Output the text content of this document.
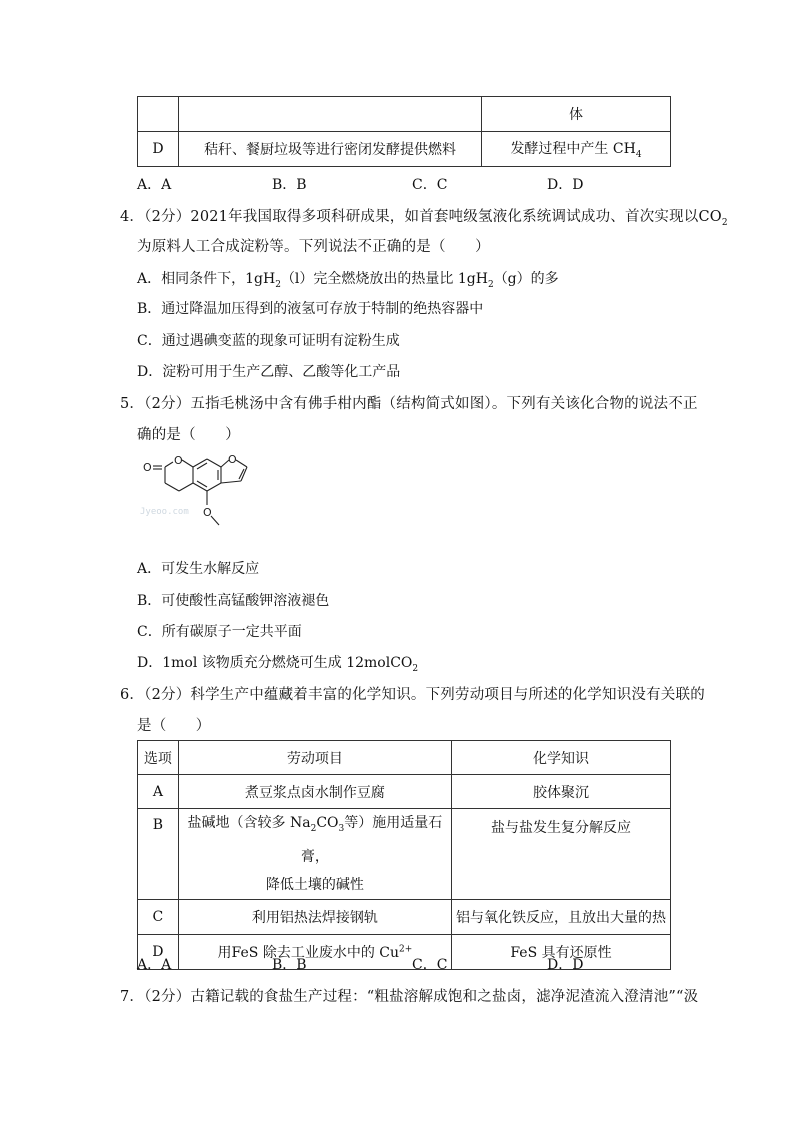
		体
D	秸秆、餐厨垃圾等进行密闭发酵提供燃料	发酵过程中产生 $CH_4$
A．A	B．B	C．C	D．D
4．（2分）2021年我国取得多项科研成果，如首套吨级氢液化系统调试成功、首次实现以$CO_2$
为原料人工合成淀粉等。下列说法不正确的是（　　）
A．相同条件下，$1gH_2(l)$完全燃烧放出的热量比 $1gH_2(g)$的多
B．通过降温加压得到的液氢可存放于特制的绝热容器中
C．通过遇碘变蓝的现象可证明有淀粉生成
D．淀粉可用于生产乙醇、乙酸等化工产品
5．（2分）五指毛桃汤中含有佛手柑内酯（结构简式如图）。下列有关该化合物的说法不正
确的是（　　）
Jyeoo.com
O
O	O
O
A．可发生水解反应
B．可使酸性高锰酸钾溶液褪色
C．所有碳原子一定共平面
D．1mol 该物质充分燃烧可生成 12molCO$_2$
6．（2分）科学生产中蕴藏着丰富的化学知识。下列劳动项目与所述的化学知识没有关联的
是（　　）
选项	劳动项目	化学知识
A	煮豆浆点卤水制作豆腐	胶体聚沉
B	盐碱地（含较多 $Na_2CO_3$等）施用适量石膏，
降低土壤的碱性	盐与盐发生复分解反应
C	利用铝热法焊接钢轨	铝与氧化铁反应，且放出大量的热
D	用FeS 除去工业废水中的 $Cu^{2+}$	FeS 具有还原性
A．A	B．B	C．C	D．D
7．（2分）古籍记载的食盐生产过程：“粗盐溶解成饱和之盐卤，滤净泥渣流入澄清池”“汲
